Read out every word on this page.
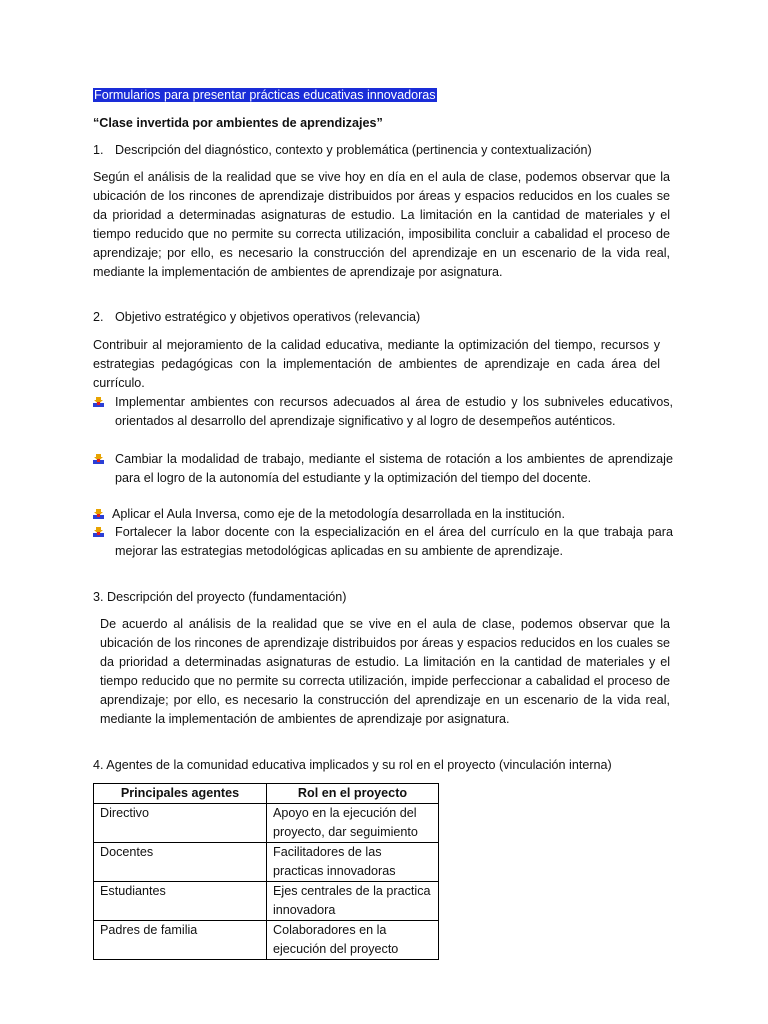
Formularios para presentar prácticas educativas innovadoras
“Clase invertida por ambientes de aprendizajes”
1. Descripción del diagnóstico, contexto y problemática (pertinencia y contextualización)
Según el análisis de la realidad que se vive hoy en día en el aula de clase, podemos observar que la ubicación de los rincones de aprendizaje distribuidos por áreas y espacios reducidos en los cuales se da prioridad a determinadas asignaturas de estudio. La limitación en la cantidad de materiales y el tiempo reducido que no permite su correcta utilización, imposibilita concluir a cabalidad el proceso de aprendizaje; por ello, es necesario la construcción del aprendizaje en un escenario de la vida real, mediante la implementación de ambientes de aprendizaje por asignatura.
2. Objetivo estratégico y objetivos operativos (relevancia)
Contribuir al mejoramiento de la calidad educativa, mediante la optimización del tiempo, recursos y estrategias pedagógicas con la implementación de ambientes de aprendizaje en cada área del currículo.
Implementar ambientes con recursos adecuados al área de estudio y los subniveles educativos, orientados al desarrollo del aprendizaje significativo y al logro de desempeños auténticos.
Cambiar la modalidad de trabajo, mediante el sistema de rotación a los ambientes de aprendizaje para el logro de la autonomía del estudiante y la optimización del tiempo del docente.
Aplicar el Aula Inversa, como eje de la metodología desarrollada en la institución.
Fortalecer la labor docente con la especialización en el área del currículo en la que trabaja para mejorar las estrategias metodológicas aplicadas en su ambiente de aprendizaje.
3. Descripción del proyecto (fundamentación)
De acuerdo al análisis de la realidad que se vive en el aula de clase, podemos observar que la ubicación de los rincones de aprendizaje distribuidos por áreas y espacios reducidos en los cuales se da prioridad a determinadas asignaturas de estudio. La limitación en la cantidad de materiales y el tiempo reducido que no permite su correcta utilización, impide perfeccionar a cabalidad el proceso de aprendizaje; por ello, es necesario la construcción del aprendizaje en un escenario de la vida real, mediante la implementación de ambientes de aprendizaje por asignatura.
4. Agentes de la comunidad educativa implicados y su rol en el proyecto (vinculación interna)
Principales agentes	Rol en el proyecto
Directivo	Apoyo en la ejecución del proyecto, dar seguimiento
Docentes	Facilitadores de las practicas innovadoras
Estudiantes	Ejes centrales de la practica innovadora
Padres de familia	Colaboradores en la ejecución del proyecto
